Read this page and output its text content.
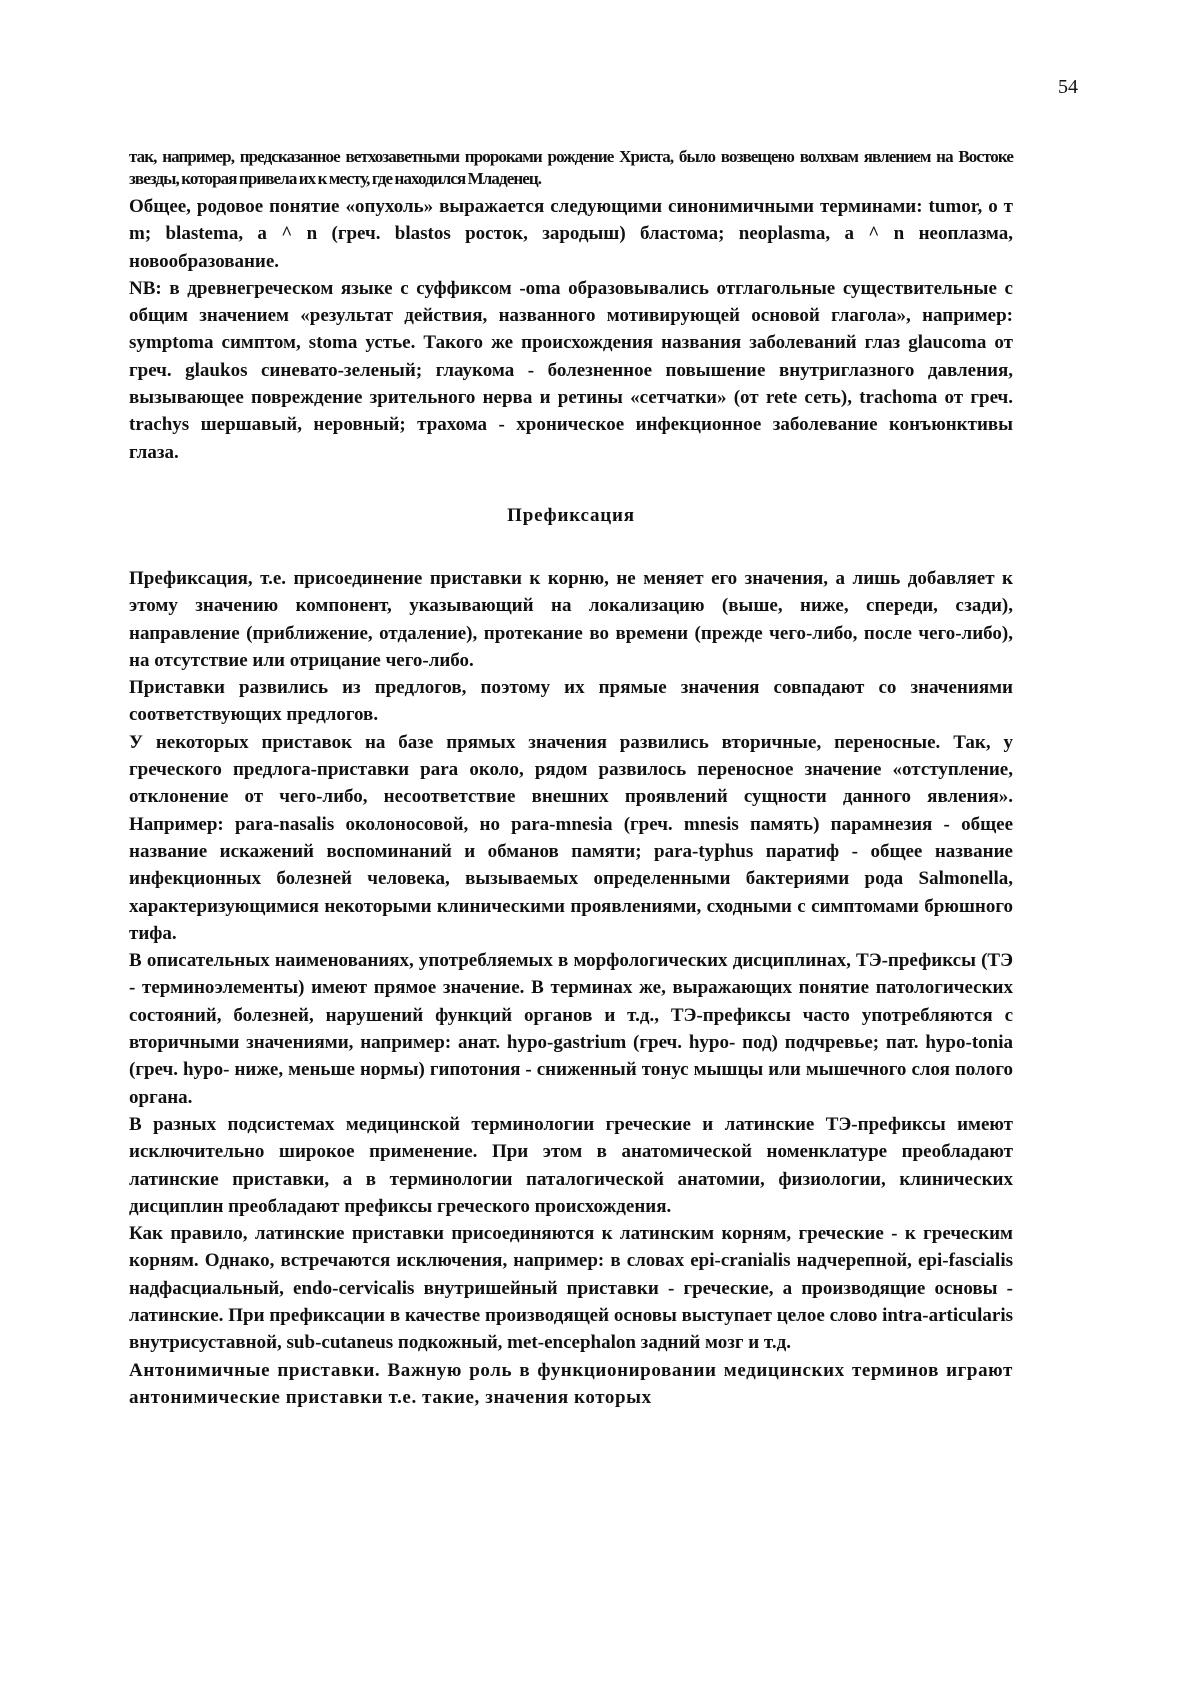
54

так, например, предсказанное ветхозаветными пророками рождение Христа, было возвещено волхвам явлением на Востоке звезды, которая привела их к месту, где находился Младенец.

Общее, родовое понятие «опухоль» выражается следующими синонимичными терминами: tumor, o т m; blastema, a ^ n (греч. blastos росток, зародыш) бластома; neoplasma, a ^ n неоплазма, новообразование.

NB: в древнегреческом языке с суффиксом -oma образовывались отглагольные существительные с общим значением «результат действия, названного мотивирующей основой глагола», например: symptoma симптом, stoma устье. Такого же происхождения названия заболеваний глаз glaucoma от греч. glaukos синевато-зеленый; глаукома - болезненное повышение внутриглазного давления, вызывающее повреждение зрительного нерва и ретины «сетчатки» (от rete сеть), trachoma от греч. trachys шершавый, неровный; трахома - хроническое инфекционное заболевание конъюнктивы глаза.

Префиксация

Префиксация, т.е. присоединение приставки к корню, не меняет его значения, а лишь добавляет к этому значению компонент, указывающий на локализацию (выше, ниже, спереди, сзади), направление (приближение, отдаление), протекание во времени (прежде чего-либо, после чего-либо), на отсутствие или отрицание чего-либо.

Приставки развились из предлогов, поэтому их прямые значения совпадают со значениями соответствующих предлогов.

У некоторых приставок на базе прямых значения развились вторичные, переносные. Так, у греческого предлога-приставки para около, рядом развилось переносное значение «отступление, отклонение от чего-либо, несоответствие внешних проявлений сущности данного явления». Например: para-nasalis околоносовой, но para-mnesia (греч. mnesis память) парамнезия - общее название искажений воспоминаний и обманов памяти; para-typhus паратиф - общее название инфекционных болезней человека, вызываемых определенными бактериями рода Salmonella, характеризующимися некоторыми клиническими проявлениями, сходными с симптомами брюшного тифа.

В описательных наименованиях, употребляемых в морфологических дисциплинах, ТЭ-префиксы (ТЭ - терминоэлементы) имеют прямое значение. В терминах же, выражающих понятие патологических состояний, болезней, нарушений функций органов и т.д., ТЭ-префиксы часто употребляются с вторичными значениями, например: анат. hypo-gastrium (греч. hypo- под) подчревье; пат. hypo-tonia (греч. hypo- ниже, меньше нормы) гипотония - сниженный тонус мышцы или мышечного слоя полого органа.

В разных подсистемах медицинской терминологии греческие и латинские ТЭ-префиксы имеют исключительно широкое применение. При этом в анатомической номенклатуре преобладают латинские приставки, а в терминологии паталогической анатомии, физиологии, клинических дисциплин преобладают префиксы греческого происхождения.

Как правило, латинские приставки присоединяются к латинским корням, греческие - к греческим корням. Однако, встречаются исключения, например: в словах epi-cranialis надчерепной, epi-fascialis надфасциальный, endo-cervicalis внутришейный приставки - греческие, а производящие основы - латинские. При префиксации в качестве производящей основы выступает целое слово intra-articularis внутрисуставной, sub-cutaneus подкожный, met-encephalon задний мозг и т.д.

Антонимичные приставки. Важную роль в функционировании медицинских терминов играют антонимические приставки т.е. такие, значения которых
